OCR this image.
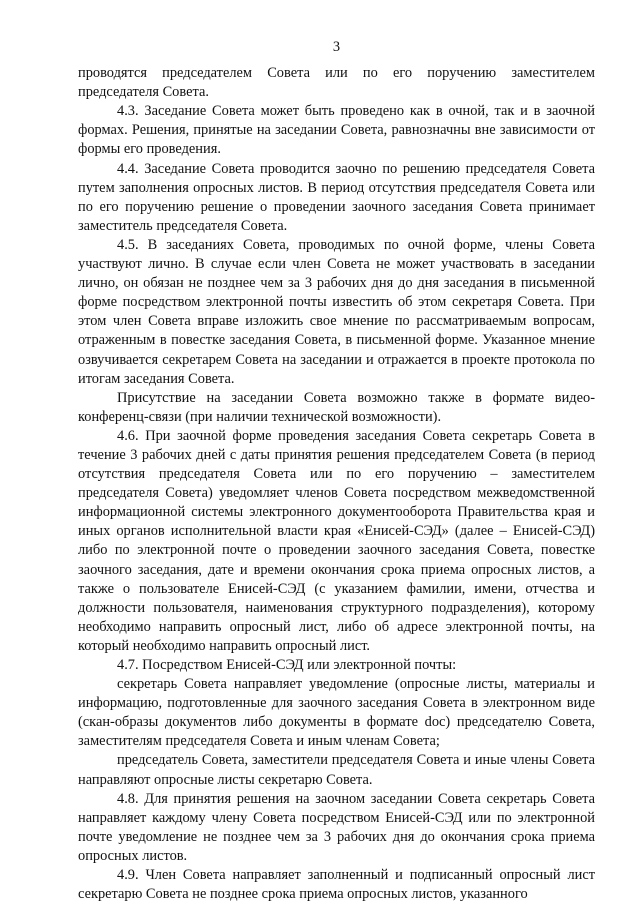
3

проводятся председателем Совета или по его поручению заместителем председателя Совета.

4.3. Заседание Совета может быть проведено как в очной, так и в заочной формах. Решения, принятые на заседании Совета, равнозначны вне зависимости от формы его проведения.

4.4. Заседание Совета проводится заочно по решению председателя Совета путем заполнения опросных листов. В период отсутствия председателя Совета или по его поручению решение о проведении заочного заседания Совета принимает заместитель председателя Совета.

4.5. В заседаниях Совета, проводимых по очной форме, члены Совета участвуют лично. В случае если член Совета не может участвовать в заседании лично, он обязан не позднее чем за 3 рабочих дня до дня заседания в письменной форме посредством электронной почты известить об этом секретаря Совета. При этом член Совета вправе изложить свое мнение по рассматриваемым вопросам, отраженным в повестке заседания Совета, в письменной форме. Указанное мнение озвучивается секретарем Совета на заседании и отражается в проекте протокола по итогам заседания Совета.

Присутствие на заседании Совета возможно также в формате видео-конференц-связи (при наличии технической возможности).

4.6. При заочной форме проведения заседания Совета секретарь Совета в течение 3 рабочих дней с даты принятия решения председателем Совета (в период отсутствия председателя Совета или по его поручению – заместителем председателя Совета) уведомляет членов Совета посредством межведомственной информационной системы электронного документооборота Правительства края и иных органов исполнительной власти края «Енисей-СЭД» (далее – Енисей-СЭД) либо по электронной почте о проведении заочного заседания Совета, повестке заочного заседания, дате и времени окончания срока приема опросных листов, а также о пользователе Енисей-СЭД (с указанием фамилии, имени, отчества и должности пользователя, наименования структурного подразделения), которому необходимо направить опросный лист, либо об адресе электронной почты, на который необходимо направить опросный лист.

4.7. Посредством Енисей-СЭД или электронной почты:

секретарь Совета направляет уведомление (опросные листы, материалы и информацию, подготовленные для заочного заседания Совета в электронном виде (скан-образы документов либо документы в формате doc) председателю Совета, заместителям председателя Совета и иным членам Совета;

председатель Совета, заместители председателя Совета и иные члены Совета направляют опросные листы секретарю Совета.

4.8. Для принятия решения на заочном заседании Совета секретарь Совета направляет каждому члену Совета посредством Енисей-СЭД или по электронной почте уведомление не позднее чем за 3 рабочих дня до окончания срока приема опросных листов.

4.9. Член Совета направляет заполненный и подписанный опросный лист секретарю Совета не позднее срока приема опросных листов, указанного
